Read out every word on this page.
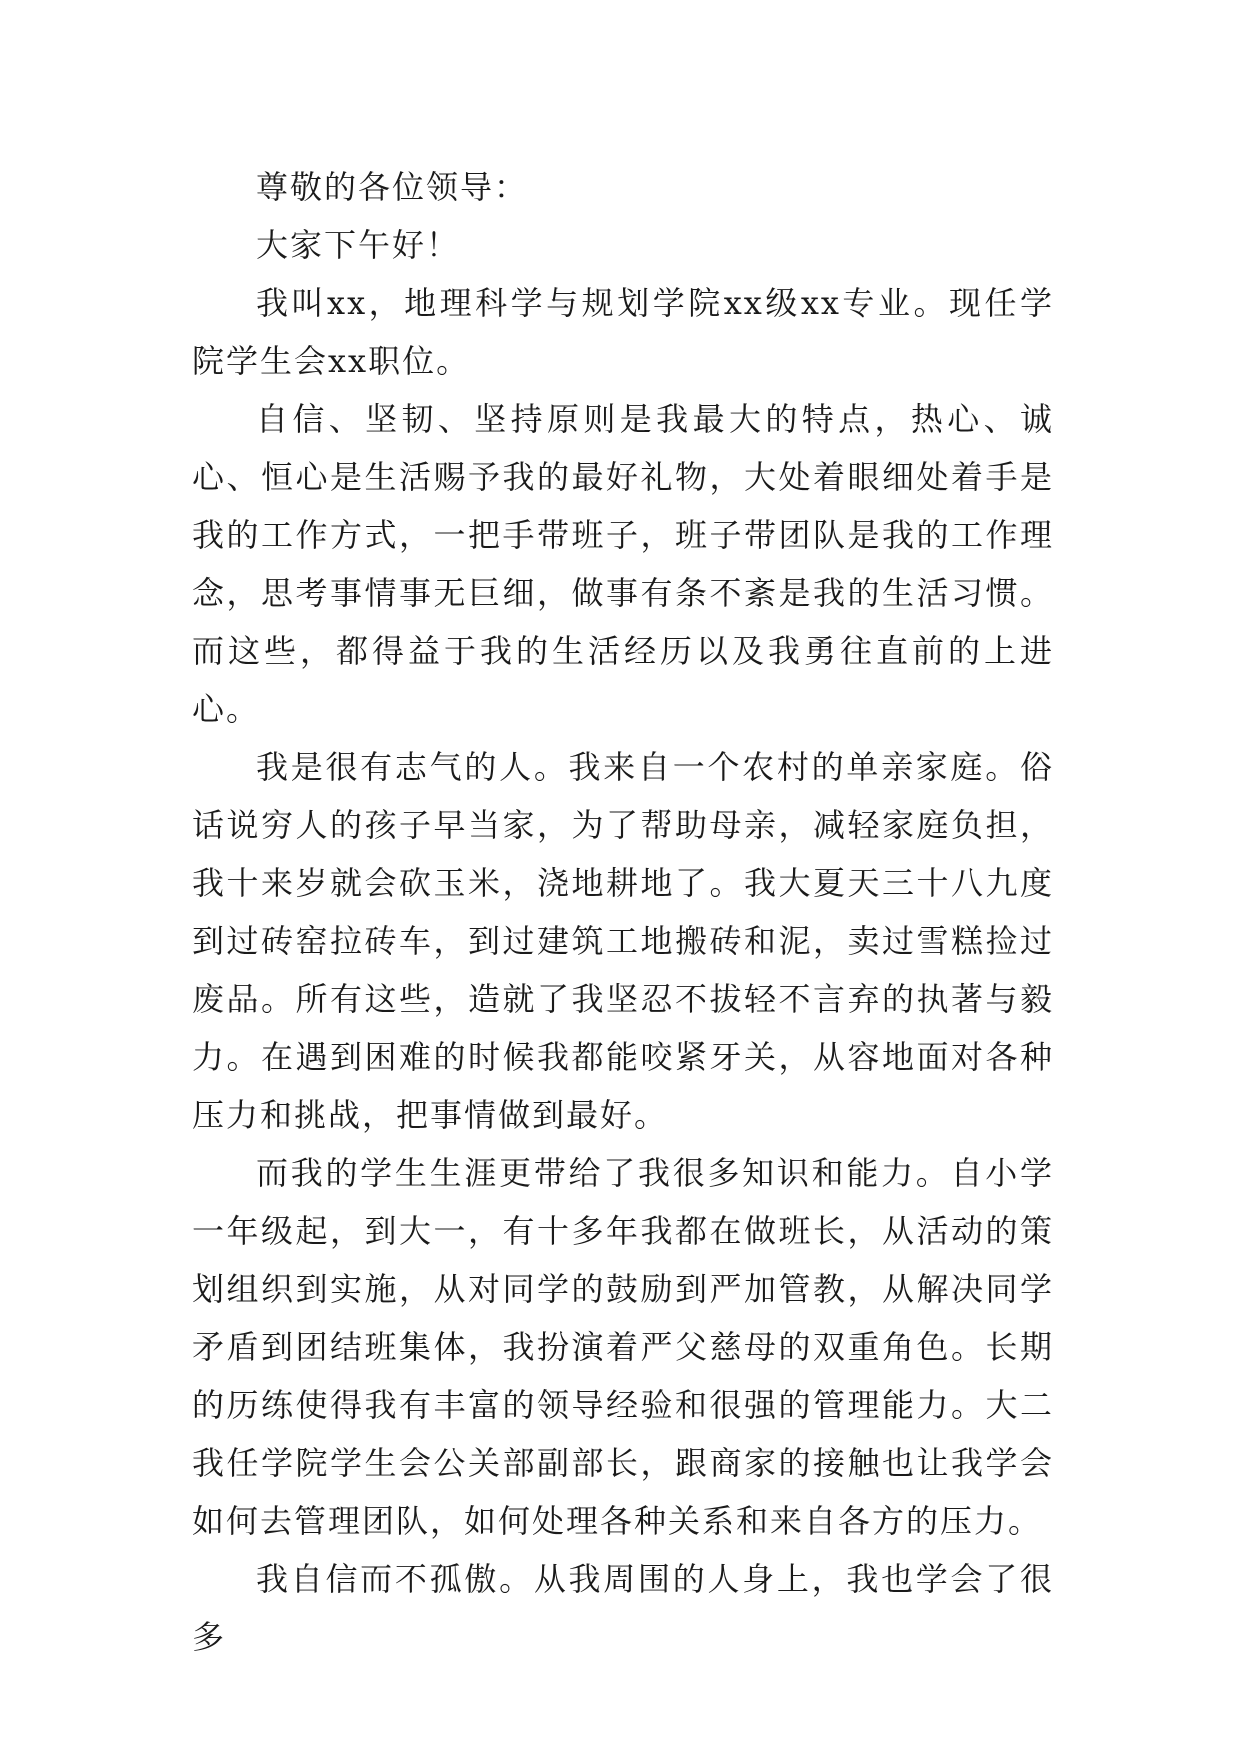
尊敬的各位领导：

大家下午好！

我叫xx，地理科学与规划学院xx级xx专业。现任学院学生会xx职位。

自信、坚韧、坚持原则是我最大的特点，热心、诚心、恒心是生活赐予我的最好礼物，大处着眼细处着手是我的工作方式，一把手带班子，班子带团队是我的工作理念，思考事情事无巨细，做事有条不紊是我的生活习惯。而这些，都得益于我的生活经历以及我勇往直前的上进心。

我是很有志气的人。我来自一个农村的单亲家庭。俗话说穷人的孩子早当家，为了帮助母亲，减轻家庭负担，我十来岁就会砍玉米，浇地耕地了。我大夏天三十八九度到过砖窑拉砖车，到过建筑工地搬砖和泥，卖过雪糕捡过废品。所有这些，造就了我坚忍不拔轻不言弃的执著与毅力。在遇到困难的时候我都能咬紧牙关，从容地面对各种压力和挑战，把事情做到最好。

而我的学生生涯更带给了我很多知识和能力。自小学一年级起，到大一，有十多年我都在做班长，从活动的策划组织到实施，从对同学的鼓励到严加管教，从解决同学矛盾到团结班集体，我扮演着严父慈母的双重角色。长期的历练使得我有丰富的领导经验和很强的管理能力。大二我任学院学生会公关部副部长，跟商家的接触也让我学会如何去管理团队，如何处理各种关系和来自各方的压力。

我自信而不孤傲。从我周围的人身上，我也学会了很多
